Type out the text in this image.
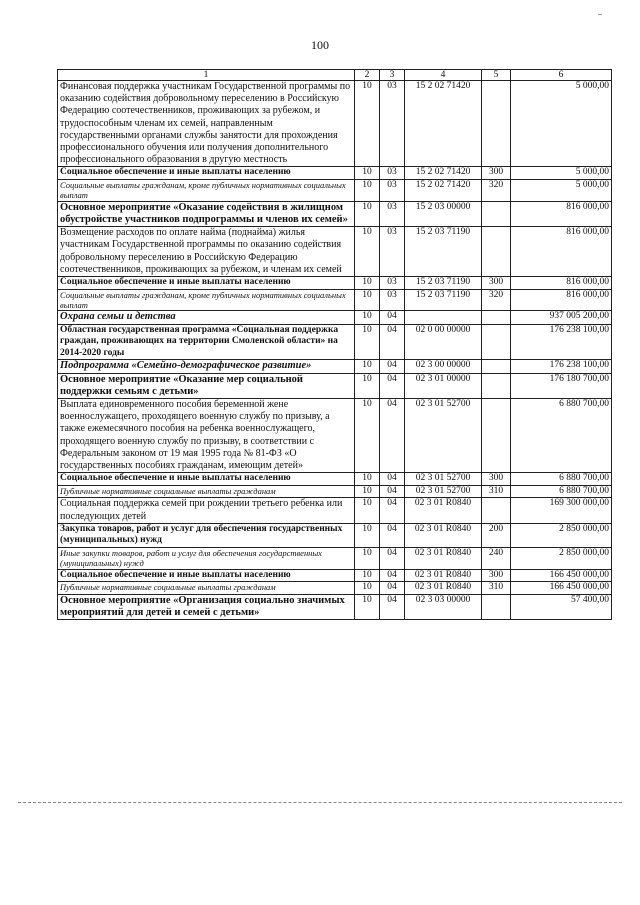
100
1	2	3	4	5	6
Финансовая поддержка участникам Государственной программы по оказанию содействия добровольному переселению в Российскую Федерацию соотечественников, проживающих за рубежом, и трудоспособным членам их семей, направленным государственными органами службы занятости для прохождения профессионального обучения или получения дополнительного профессионального образования в другую местность	10	03	15 2 02 71420		5 000,00
Социальное обеспечение и иные выплаты населению	10	03	15 2 02 71420	300	5 000,00
Социальные выплаты гражданам, кроме публичных нормативных социальных выплат	10	03	15 2 02 71420	320	5 000,00
Основное мероприятие «Оказание содействия в жилищном обустройстве участников подпрограммы и членов их семей»	10	03	15 2 03 00000		816 000,00
Возмещение расходов по оплате найма (поднайма) жилья участникам Государственной программы по оказанию содействия добровольному переселению в Российскую Федерацию соотечественников, проживающих за рубежом, и членам их семей	10	03	15 2 03 71190		816 000,00
Социальное обеспечение и иные выплаты населению	10	03	15 2 03 71190	300	816 000,00
Социальные выплаты гражданам, кроме публичных нормативных социальных выплат	10	03	15 2 03 71190	320	816 000,00
Охрана семьи и детства	10	04			937 005 200,00
Областная государственная программа «Социальная поддержка граждан, проживающих на территории Смоленской области» на 2014-2020 годы	10	04	02 0 00 00000		176 238 100,00
Подпрограмма «Семейно-демографическое развитие»	10	04	02 3 00 00000		176 238 100,00
Основное мероприятие «Оказание мер социальной поддержки семьям с детьми»	10	04	02 3 01 00000		176 180 700,00
Выплата единовременного пособия беременной жене военнослужащего, проходящего военную службу по призыву, а также ежемесячного пособия на ребенка военнослужащего, проходящего военную службу по призыву, в соответствии с Федеральным законом от 19 мая 1995 года № 81-ФЗ «О государственных пособиях гражданам, имеющим детей»	10	04	02 3 01 52700		6 880 700,00
Социальное обеспечение и иные выплаты населению	10	04	02 3 01 52700	300	6 880 700,00
Публичные нормативные социальные выплаты гражданам	10	04	02 3 01 52700	310	6 880 700,00
Социальная поддержка семей при рождении третьего ребенка или последующих детей	10	04	02 3 01 R0840		169 300 000,00
Закупка товаров, работ и услуг для обеспечения государственных (муниципальных) нужд	10	04	02 3 01 R0840	200	2 850 000,00
Иные закупки товаров, работ и услуг для обеспечения государственных (муниципальных) нужд	10	04	02 3 01 R0840	240	2 850 000,00
Социальное обеспечение и иные выплаты населению	10	04	02 3 01 R0840	300	166 450 000,00
Публичные нормативные социальные выплаты гражданам	10	04	02 3 01 R0840	310	166 450 000,00
Основное мероприятие «Организация социально значимых мероприятий для детей и семей с детьми»	10	04	02 3 03 00000		57 400,00
